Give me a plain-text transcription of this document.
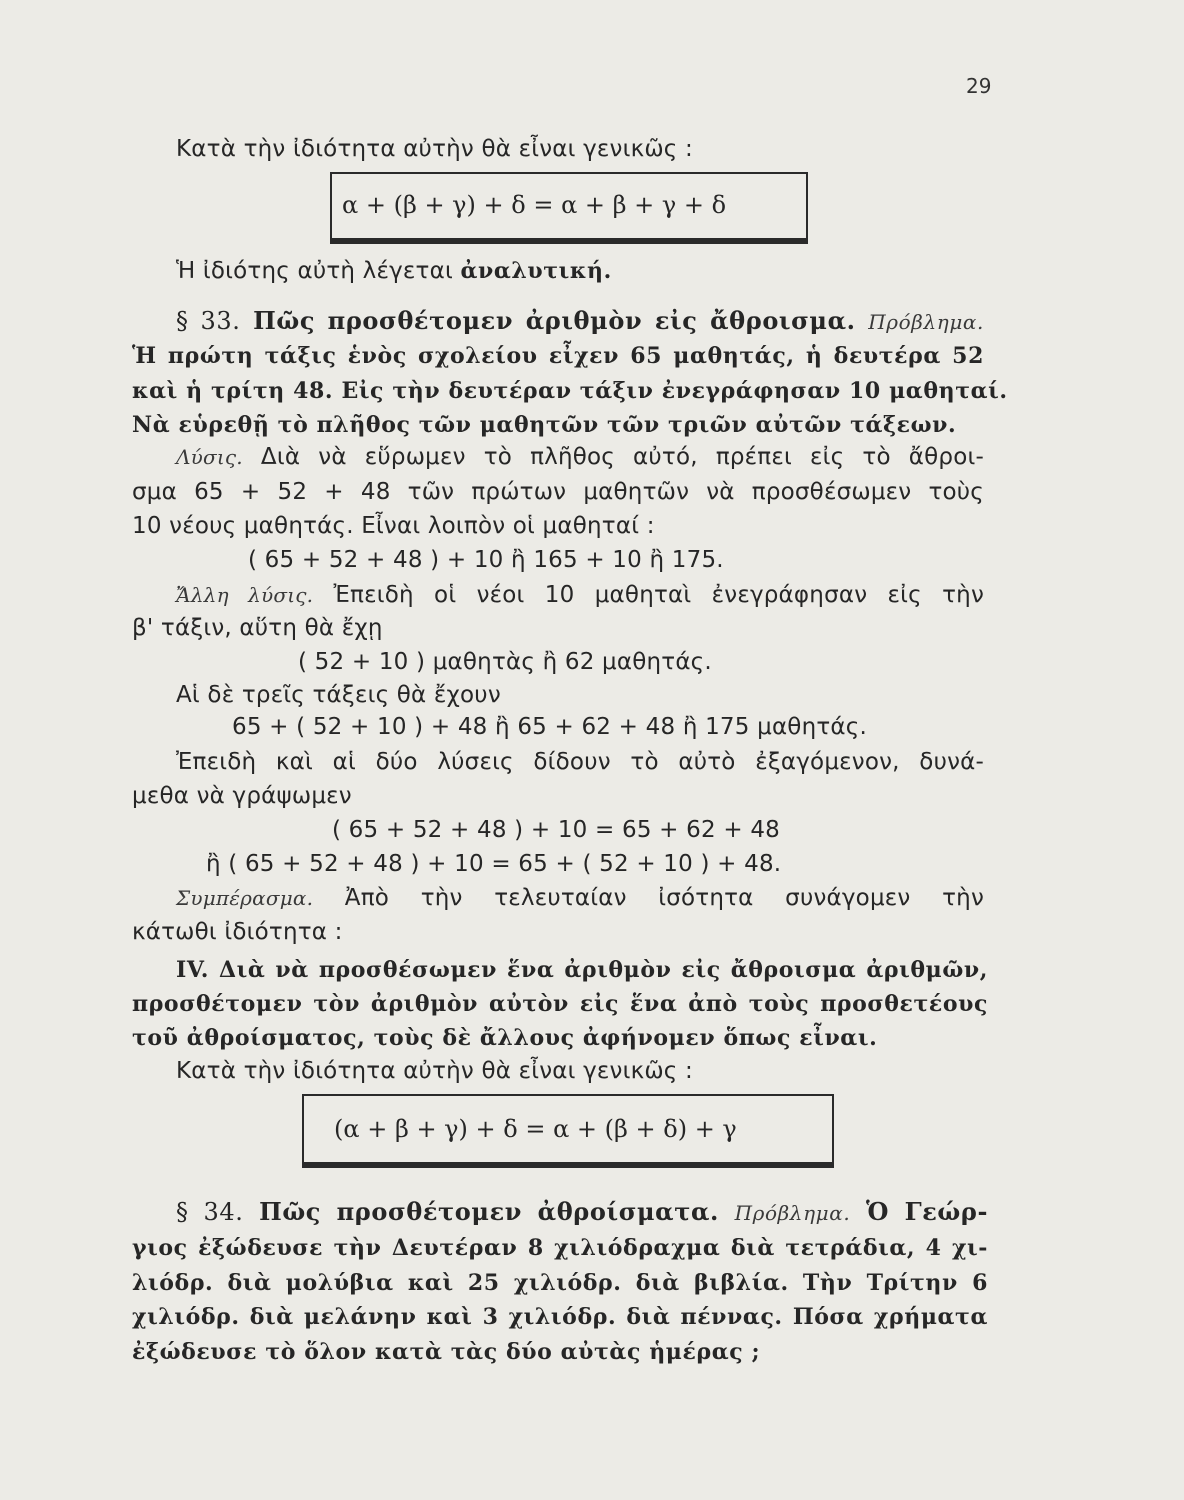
29
Κατὰ τὴν ἰδιότητα αὐτὴν θὰ εἶναι γενικῶς :
α + (β + γ) + δ = α + β + γ + δ
Ἡ ἰδιότης αὐτὴ λέγεται ἀναλυτική.
§ 33. Πῶς προσθέτομεν ἀριθμὸν εἰς ἄθροισμα. Πρόβλημα.
Ἡ πρώτη τάξις ἑνὸς σχολείου εἶχεν 65 μαθητάς, ἡ δευτέρα 52
καὶ ἡ τρίτη 48. Εἰς τὴν δευτέραν τάξιν ἐνεγράφησαν 10 μαθηταί.
Νὰ εὑρεθῇ τὸ πλῆθος τῶν μαθητῶν τῶν τριῶν αὐτῶν τάξεων.
Λύσις. Διὰ νὰ εὕρωμεν τὸ πλῆθος αὐτό, πρέπει εἰς τὸ ἄθροι-
σμα 65 + 52 + 48 τῶν πρώτων μαθητῶν νὰ προσθέσωμεν τοὺς
10 νέους μαθητάς. Εἶναι λοιπὸν οἱ μαθηταί :
( 65 + 52 + 48 ) + 10 ἢ 165 + 10 ἢ 175.
Ἄλλη λύσις. Ἐπειδὴ οἱ νέοι 10 μαθηταὶ ἐνεγράφησαν εἰς τὴν
β' τάξιν, αὕτη θὰ ἔχῃ
( 52 + 10 ) μαθητὰς ἢ 62 μαθητάς.
Αἱ δὲ τρεῖς τάξεις θὰ ἔχουν
65 + ( 52 + 10 ) + 48 ἢ 65 + 62 + 48 ἢ 175 μαθητάς.
Ἐπειδὴ καὶ αἱ δύο λύσεις δίδουν τὸ αὐτὸ ἐξαγόμενον, δυνά-
μεθα νὰ γράψωμεν
( 65 + 52 + 48 ) + 10 = 65 + 62 + 48
ἢ ( 65 + 52 + 48 ) + 10 = 65 + ( 52 + 10 ) + 48.
Συμπέρασμα. Ἀπὸ τὴν τελευταίαν ἰσότητα συνάγομεν τὴν
κάτωθι ἰδιότητα :
IV. Διὰ νὰ προσθέσωμεν ἕνα ἀριθμὸν εἰς ἄθροισμα ἀριθμῶν,
προσθέτομεν τὸν ἀριθμὸν αὐτὸν εἰς ἕνα ἀπὸ τοὺς προσθετέους
τοῦ ἀθροίσματος, τοὺς δὲ ἄλλους ἀφήνομεν ὅπως εἶναι.
Κατὰ τὴν ἰδιότητα αὐτὴν θὰ εἶναι γενικῶς :
(α + β + γ) + δ = α + (β + δ) + γ
§ 34. Πῶς προσθέτομεν ἀθροίσματα. Πρόβλημα. Ὁ Γεώρ-
γιος ἐξώδευσε τὴν Δευτέραν 8 χιλιόδραχμα διὰ τετράδια, 4 χι-
λιόδρ. διὰ μολύβια καὶ 25 χιλιόδρ. διὰ βιβλία. Τὴν Τρίτην 6
χιλιόδρ. διὰ μελάνην καὶ 3 χιλιόδρ. διὰ πέννας. Πόσα χρήματα
ἐξώδευσε τὸ ὅλον κατὰ τὰς δύο αὐτὰς ἡμέρας ;
